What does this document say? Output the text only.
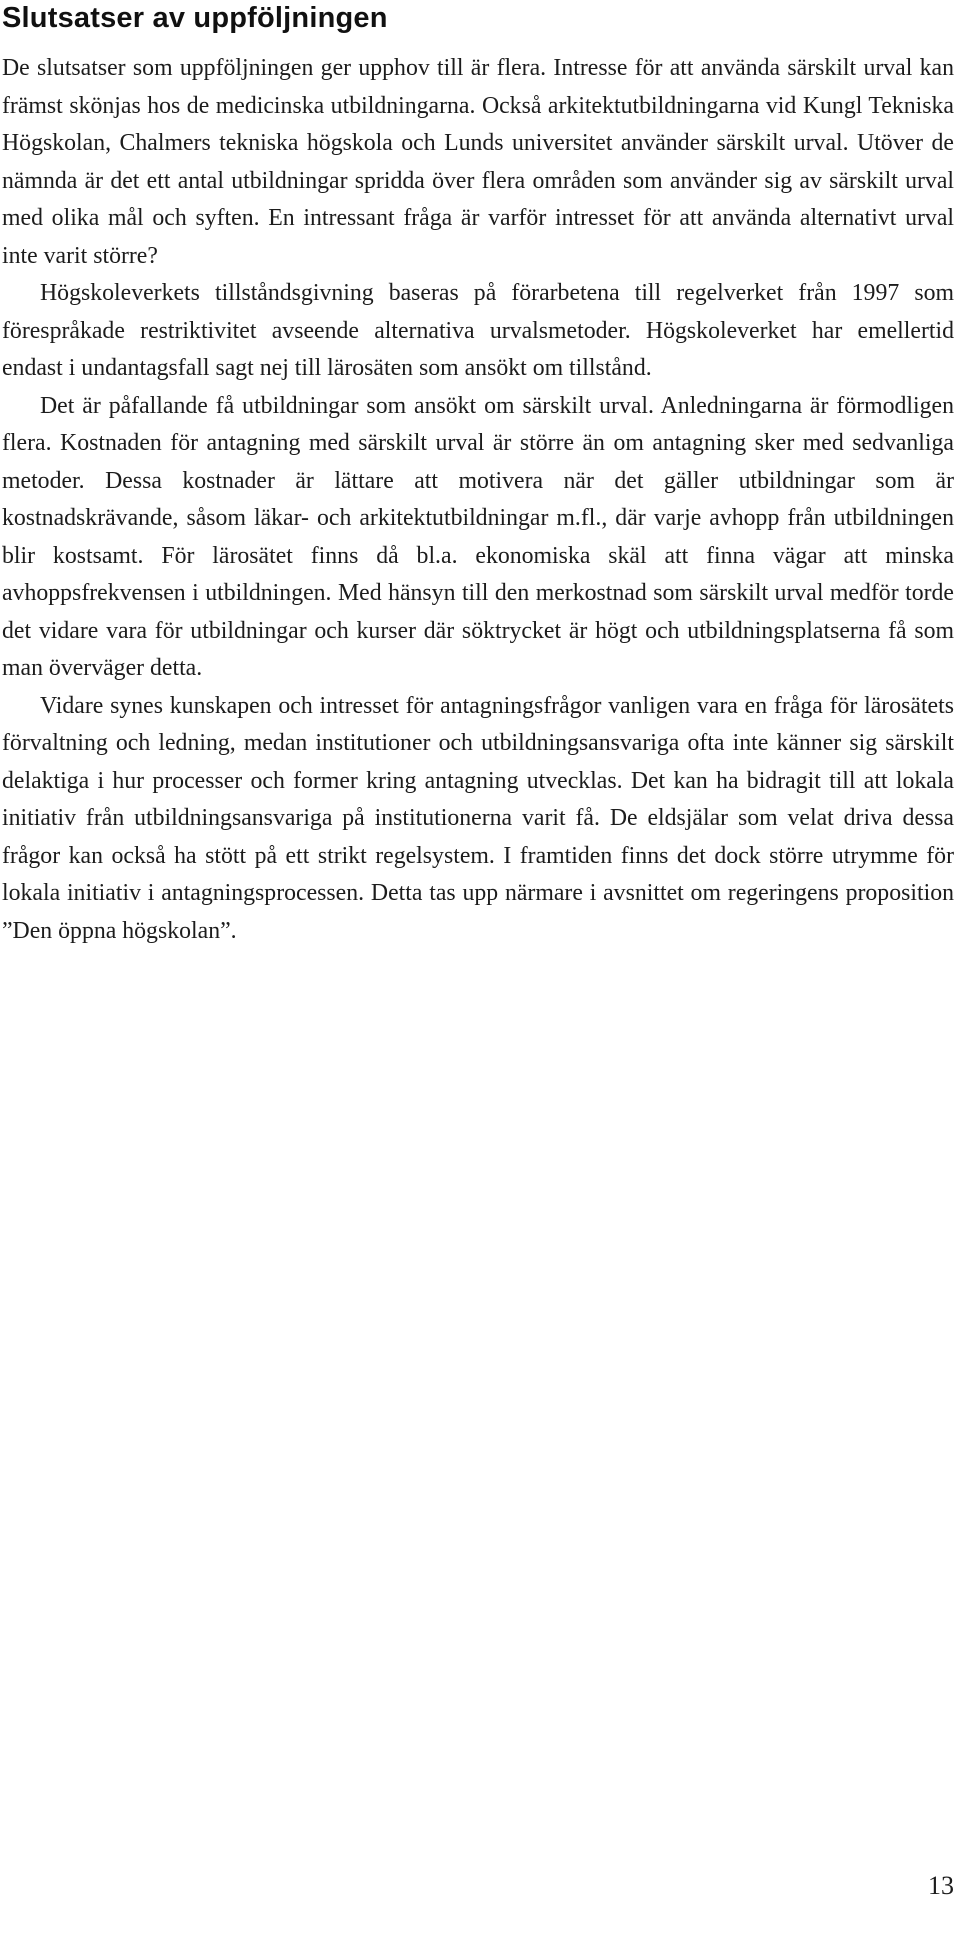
Slutsatser av uppföljningen

De slutsatser som uppföljningen ger upphov till är flera. Intresse för att använda särskilt urval kan främst skönjas hos de medicinska utbildningarna. Också arkitektutbildningarna vid Kungl Tekniska Högskolan, Chalmers tekniska högskola och Lunds universitet använder särskilt urval. Utöver de nämnda är det ett antal utbildningar spridda över flera områden som använder sig av särskilt urval med olika mål och syften. En intressant fråga är varför intresset för att använda alternativt urval inte varit större?

Högskoleverkets tillståndsgivning baseras på förarbetena till regelverket från 1997 som förespråkade restriktivitet avseende alternativa urvalsmetoder. Högskoleverket har emellertid endast i undantagsfall sagt nej till lärosäten som ansökt om tillstånd.

Det är påfallande få utbildningar som ansökt om särskilt urval. Anledningarna är förmodligen flera. Kostnaden för antagning med särskilt urval är större än om antagning sker med sedvanliga metoder. Dessa kostnader är lättare att motivera när det gäller utbildningar som är kostnadskrävande, såsom läkar- och arkitektutbildningar m.fl., där varje avhopp från utbildningen blir kostsamt. För lärosätet finns då bl.a. ekonomiska skäl att finna vägar att minska avhoppsfrekvensen i utbildningen. Med hänsyn till den merkostnad som särskilt urval medför torde det vidare vara för utbildningar och kurser där söktrycket är högt och utbildningsplatserna få som man överväger detta.

Vidare synes kunskapen och intresset för antagningsfrågor vanligen vara en fråga för lärosätets förvaltning och ledning, medan institutioner och utbildningsansvariga ofta inte känner sig särskilt delaktiga i hur processer och former kring antagning utvecklas. Det kan ha bidragit till att lokala initiativ från utbildningsansvariga på institutionerna varit få. De eldsjälar som velat driva dessa frågor kan också ha stött på ett strikt regelsystem. I framtiden finns det dock större utrymme för lokala initiativ i antagningsprocessen. Detta tas upp närmare i avsnittet om regeringens proposition ”Den öppna högskolan”.

13
